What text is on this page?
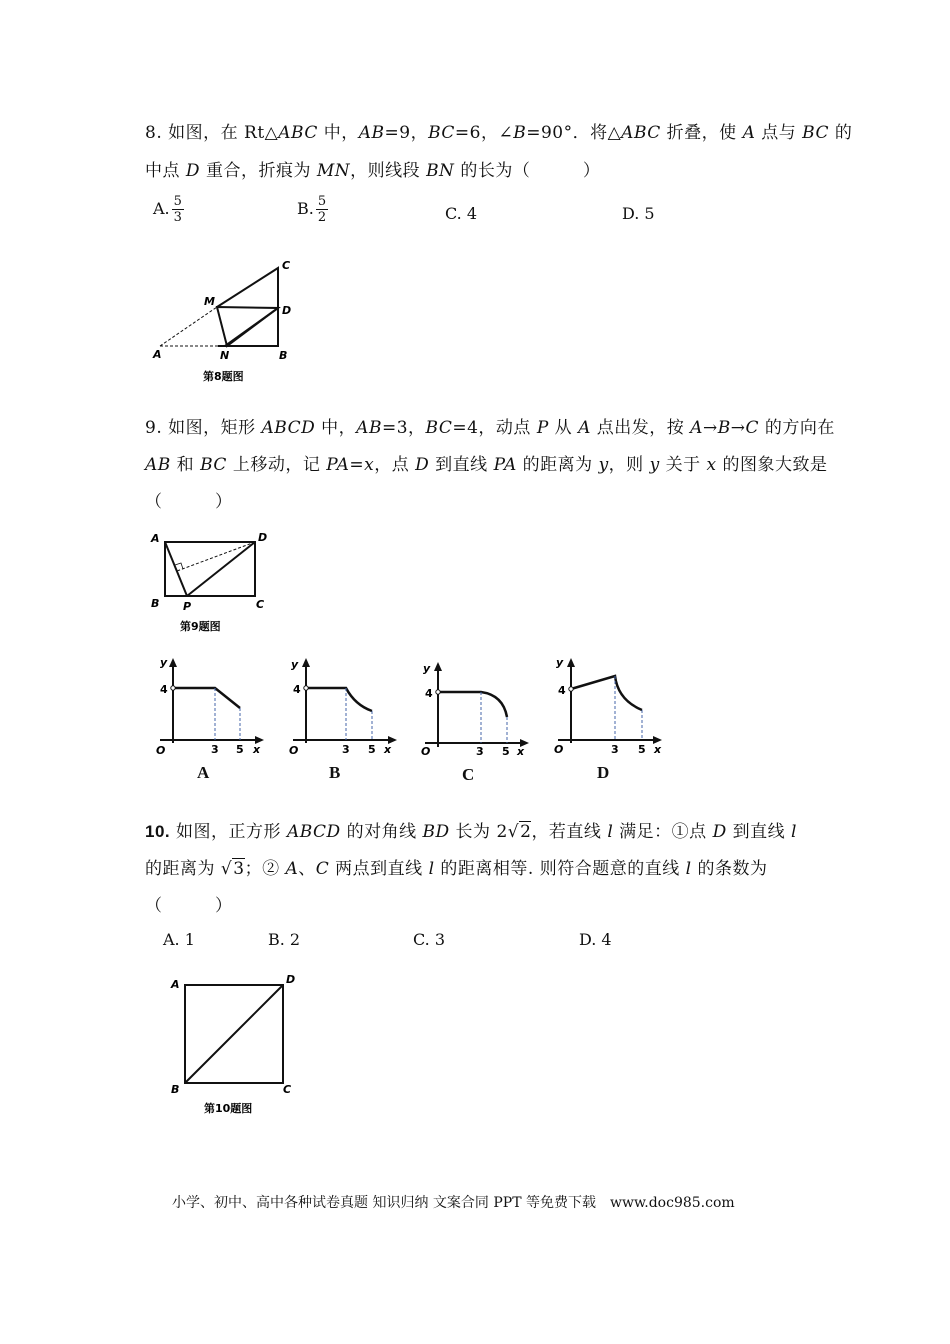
8. 如图，在 Rt△ABC 中，AB=9，BC=6，∠B=90°．将△ABC 折叠，使 A 点与 BC 的
中点 D 重合，折痕为 MN，则线段 BN 的长为（　　　）
A. $\frac{5}{3}$	B. $\frac{5}{2}$	C. 4	D. 5
C
M
D
A	N	B
第8题图
9. 如图，矩形 ABCD 中，AB=3，BC=4，动点 P 从 A 点出发，按 A→B→C 的方向在
AB 和 BC 上移动，记 PA=x，点 D 到直线 PA 的距离为 y，则 y 关于 x 的图象大致是
（　　　）
A	D
B P	C
第9题图
y
4
O	3 5 x
A
y
4
O	3 5 x
B
y
4
O	3 5 x
C
y
4
O	3 5 x
D
10. 如图，正方形 ABCD 的对角线 BD 长为 2√2，若直线 l 满足：①点 D 到直线 l
的距离为 √3；② A、C 两点到直线 l 的距离相等. 则符合题意的直线 l 的条数为
（　　　）
A. 1	B. 2	C. 3	D. 4
A	D
B	C
第10题图
小学、初中、高中各种试卷真题 知识归纳 文案合同 PPT 等免费下载　www.doc985.com
